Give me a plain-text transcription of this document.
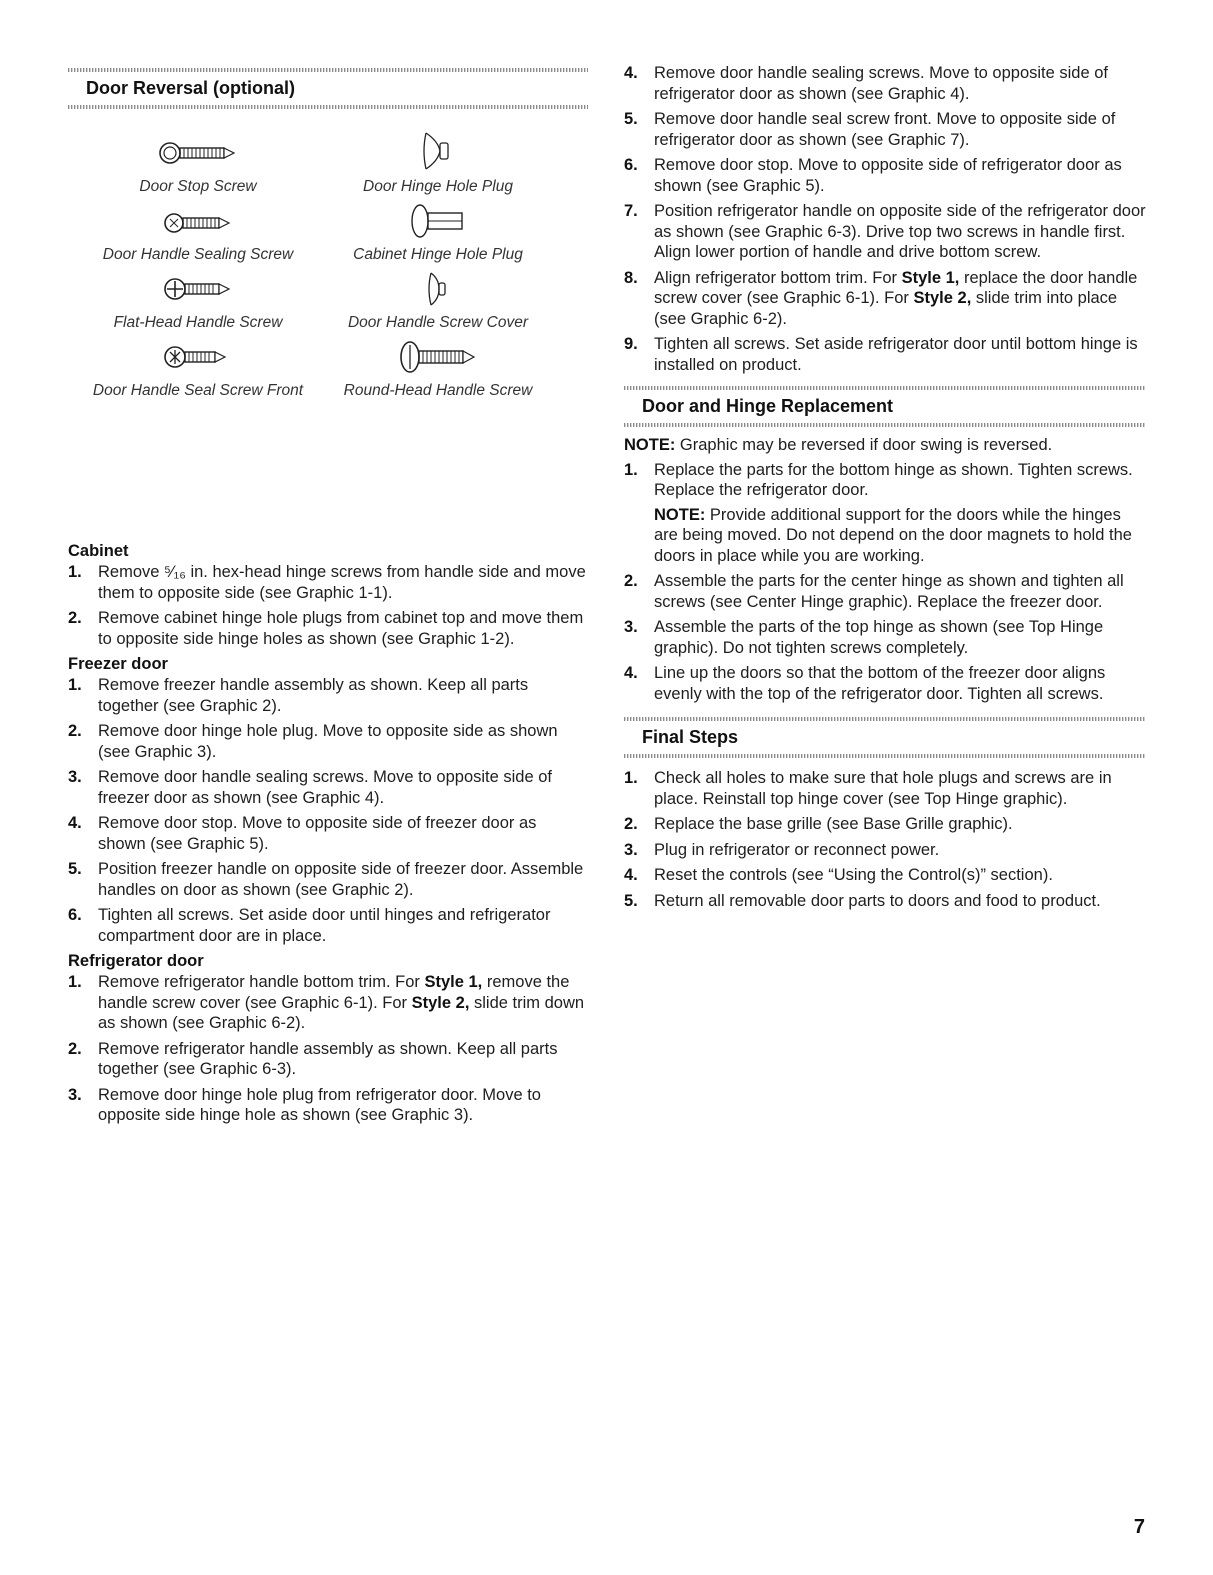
Door Reversal (optional)
Door Stop Screw	Door Hinge Hole Plug
Door Handle Sealing Screw	Cabinet Hinge Hole Plug
Flat-Head Handle Screw	Door Handle Screw Cover
Door Handle Seal Screw Front	Round-Head Handle Screw
Cabinet
1. Remove ⁵⁄₁₆ in. hex-head hinge screws from handle side and move them to opposite side (see Graphic 1-1).
2. Remove cabinet hinge hole plugs from cabinet top and move them to opposite side hinge holes as shown (see Graphic 1-2).
Freezer door
1. Remove freezer handle assembly as shown. Keep all parts together (see Graphic 2).
2. Remove door hinge hole plug. Move to opposite side as shown (see Graphic 3).
3. Remove door handle sealing screws. Move to opposite side of freezer door as shown (see Graphic 4).
4. Remove door stop. Move to opposite side of freezer door as shown (see Graphic 5).
5. Position freezer handle on opposite side of freezer door. Assemble handles on door as shown (see Graphic 2).
6. Tighten all screws. Set aside door until hinges and refrigerator compartment door are in place.
Refrigerator door
1. Remove refrigerator handle bottom trim. For Style 1, remove the handle screw cover (see Graphic 6-1). For Style 2, slide trim down as shown (see Graphic 6-2).
2. Remove refrigerator handle assembly as shown. Keep all parts together (see Graphic 6-3).
3. Remove door hinge hole plug from refrigerator door. Move to opposite side hinge hole as shown (see Graphic 3).
4. Remove door handle sealing screws. Move to opposite side of refrigerator door as shown (see Graphic 4).
5. Remove door handle seal screw front. Move to opposite side of refrigerator door as shown (see Graphic 7).
6. Remove door stop. Move to opposite side of refrigerator door as shown (see Graphic 5).
7. Position refrigerator handle on opposite side of the refrigerator door as shown (see Graphic 6-3). Drive top two screws in handle first. Align lower portion of handle and drive bottom screw.
8. Align refrigerator bottom trim. For Style 1, replace the door handle screw cover (see Graphic 6-1). For Style 2, slide trim into place (see Graphic 6-2).
9. Tighten all screws. Set aside refrigerator door until bottom hinge is installed on product.
Door and Hinge Replacement
NOTE: Graphic may be reversed if door swing is reversed.
1. Replace the parts for the bottom hinge as shown. Tighten screws. Replace the refrigerator door.
NOTE: Provide additional support for the doors while the hinges are being moved. Do not depend on the door magnets to hold the doors in place while you are working.
2. Assemble the parts for the center hinge as shown and tighten all screws (see Center Hinge graphic). Replace the freezer door.
3. Assemble the parts of the top hinge as shown (see Top Hinge graphic). Do not tighten screws completely.
4. Line up the doors so that the bottom of the freezer door aligns evenly with the top of the refrigerator door. Tighten all screws.
Final Steps
1. Check all holes to make sure that hole plugs and screws are in place. Reinstall top hinge cover (see Top Hinge graphic).
2. Replace the base grille (see Base Grille graphic).
3. Plug in refrigerator or reconnect power.
4. Reset the controls (see “Using the Control(s)” section).
5. Return all removable door parts to doors and food to product.
7
